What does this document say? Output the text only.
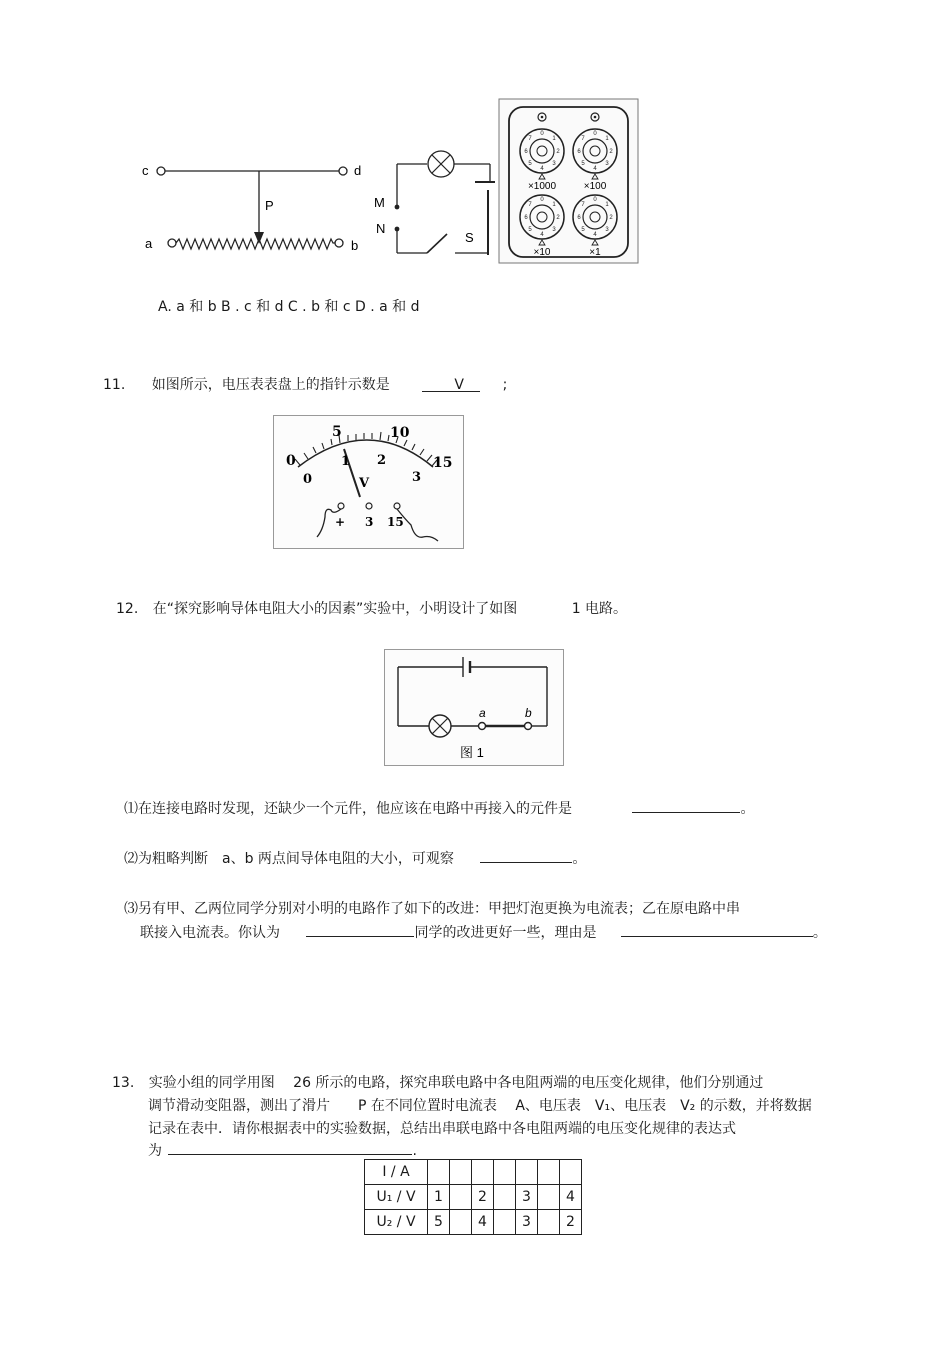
c	d
P
a	b
M
N
S
0
1
2
3
4
5
6
7
0
1
2
3
4
5
6
7
0
1
2
3
4
5
6
7
0
1
2
3
4
5
6
7
×1000	×100
×10	×1
A. a 和 b B . c 和 d C . b 和 c D . a 和 d
11. 如图所示，电压表表盘上的指针示数是	V	;
0
5	10
15
0
1 2
3
V
+ 3 15
12. 在“探究影响导体电阻大小的因素”实验中，小明设计了如图	1 电路。
a	b
图 1
⑴在连接电路时发现，还缺少一个元件，他应该在电路中再接入的元件是	。
⑵为粗略判断　a、b 两点间导体电阻的大小，可观察	。
⑶另有甲、乙两位同学分别对小明的电路作了如下的改进：甲把灯泡更换为电流表；乙在原电路中串
联接入电流表。你认为	同学的改进更好一些，理由是	。
13. 实验小组的同学用图　 26 所示的电路，探究串联电路中各电阻两端的电压变化规律，他们分别通过
调节滑动变阻器，测出了滑片　　P 在不同位置时电流表　 A、电压表　V₁、电压表　V₂ 的示数，并将数据
记录在表中．请你根据表中的实验数据，总结出串联电路中各电阻两端的电压变化规律的表达式
为	.
I / A							
U₁ / V	1		2		3		4
U₂ / V	5		4		3		2
